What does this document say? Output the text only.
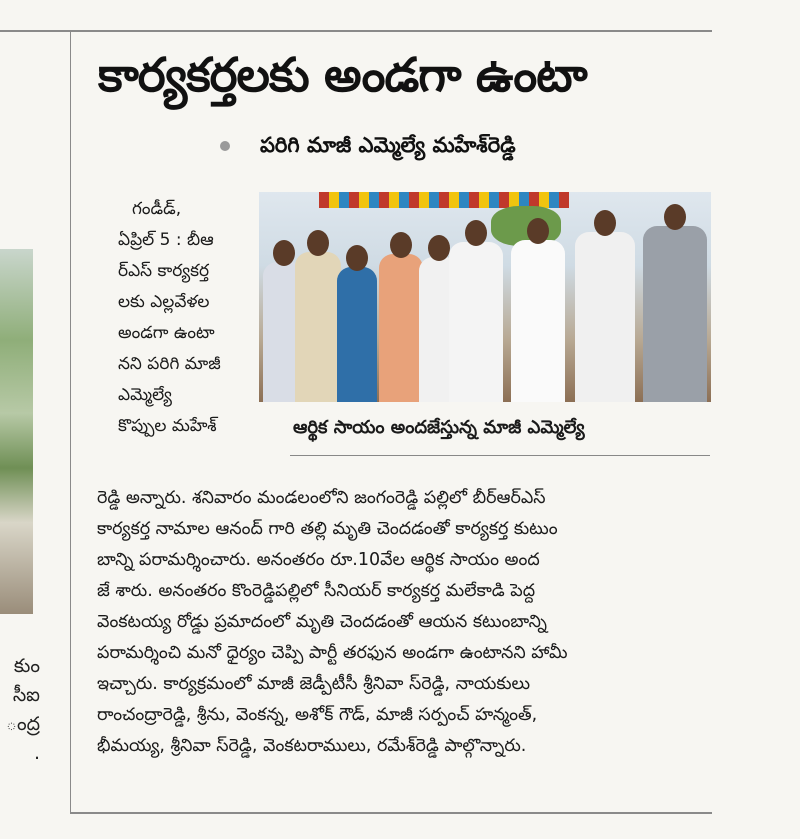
కుం
సీఐ
ంద్ర
.
కార్యకర్తలకు అండగా ఉంటా
పరిగి మాజీ ఎమ్మెల్యే మహేశ్‌రెడ్డి
గండీడ్,
ఏప్రిల్ 5 : బీఆ
ర్‌ఎస్ కార్యకర్త
లకు ఎల్లవేళల
అండగా ఉంటా
నని పరిగి మాజీ
ఎమ్మెల్యే
కొప్పుల మహేశ్	ఆర్థిక సాయం అందజేస్తున్న మాజీ ఎమ్మెల్యే
రెడ్డి అన్నారు. శనివారం మండలంలోని జంగంరెడ్డి పల్లిలో బీర్‌ఆర్‌ఎస్
కార్యకర్త నామాల ఆనంద్ గారి తల్లి మృతి చెందడంతో కార్యకర్త కుటుం
బాన్ని పరామర్శించారు. అనంతరం రూ.10వేల ఆర్థిక సాయం అంద
జే శారు. అనంతరం కొంరెడ్డిపల్లిలో సీనియర్ కార్యకర్త మలేకాడి పెద్ద
వెంకటయ్య రోడ్డు ప్రమాదంలో మృతి చెందడంతో ఆయన కటుంబాన్ని
పరామర్శించి మనో ధైర్యం చెప్పి పార్టీ తరఫున అండగా ఉంటానని హామీ
ఇచ్చారు. కార్యక్రమంలో మాజీ జెడ్పీటీసీ శ్రీనివా స్‌రెడ్డి, నాయకులు
రాంచంద్రారెడ్డి, శ్రీను, వెంకన్న, అశోక్ గౌడ్, మాజీ సర్పంచ్ హన్మంత్,
భీమయ్య, శ్రీనివా స్‌రెడ్డి, వెంకటరాములు, రమేశ్‌రెడ్డి పాల్గొన్నారు.
